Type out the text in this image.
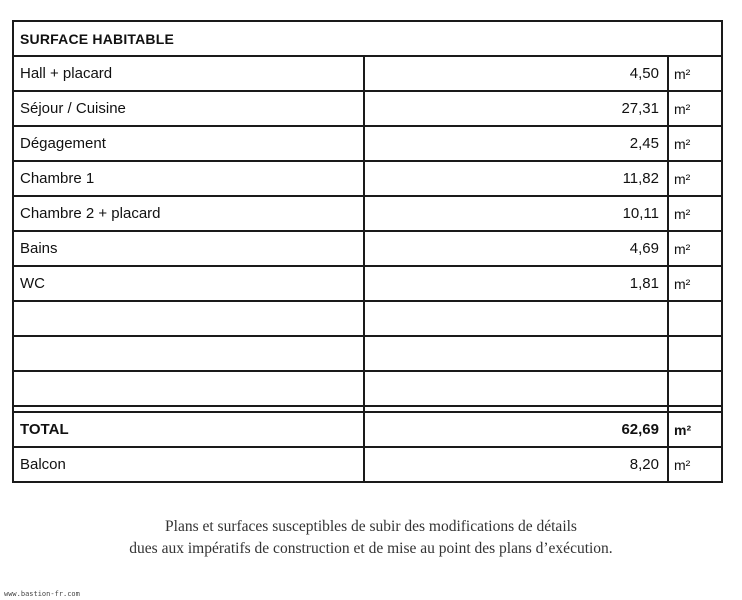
SURFACE HABITABLE		
Hall + placard	4,50	m²
Séjour / Cuisine	27,31	m²
Dégagement	2,45	m²
Chambre 1	11,82	m²
Chambre 2 + placard	10,11	m²
Bains	4,69	m²
WC	1,81	m²

TOTAL	62,69	m²
Balcon	8,20	m²
Plans et surfaces susceptibles de subir des modifications de détails
dues aux impératifs de construction et de mise au point des plans d’exécution.
www.bastion-fr.com
